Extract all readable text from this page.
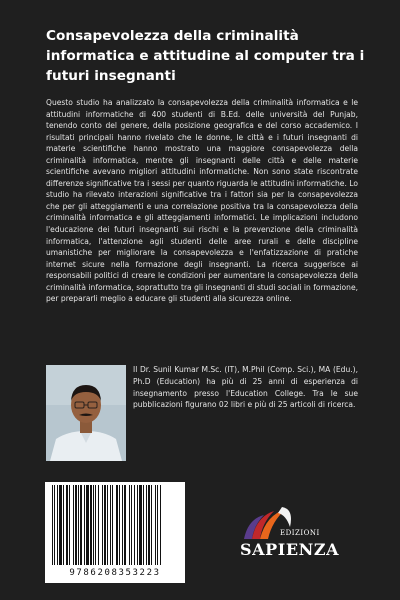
Consapevolezza della criminalità informatica e attitudine al computer tra i futuri insegnanti

Questo studio ha analizzato la consapevolezza della criminalità informatica e le attitudini informatiche di 400 studenti di B.Ed. delle università del Punjab, tenendo conto del genere, della posizione geografica e del corso accademico. I risultati principali hanno rivelato che le donne, le città e i futuri insegnanti di materie scientifiche hanno mostrato una maggiore consapevolezza della criminalità informatica, mentre gli insegnanti delle città e delle materie scientifiche avevano migliori attitudini informatiche. Non sono state riscontrate differenze significative tra i sessi per quanto riguarda le attitudini informatiche. Lo studio ha rilevato interazioni significative tra i fattori sia per la consapevolezza che per gli atteggiamenti e una correlazione positiva tra la consapevolezza della criminalità informatica e gli atteggiamenti informatici. Le implicazioni includono l'educazione dei futuri insegnanti sui rischi e la prevenzione della criminalità informatica, l'attenzione agli studenti delle aree rurali e delle discipline umanistiche per migliorare la consapevolezza e l'enfatizzazione di pratiche internet sicure nella formazione degli insegnanti. La ricerca suggerisce ai responsabili politici di creare le condizioni per aumentare la consapevolezza della criminalità informatica, soprattutto tra gli insegnanti di studi sociali in formazione, per prepararli meglio a educare gli studenti alla sicurezza online.

Il Dr. Sunil Kumar M.Sc. (IT), M.Phil (Comp. Sci.), MA (Edu.), Ph.D (Education) ha più di 25 anni di esperienza di insegnamento presso l'Education College. Tra le sue pubblicazioni figurano 02 libri e più di 25 articoli di ricerca.

9786208353223
EDIZIONI
SAPIENZA
